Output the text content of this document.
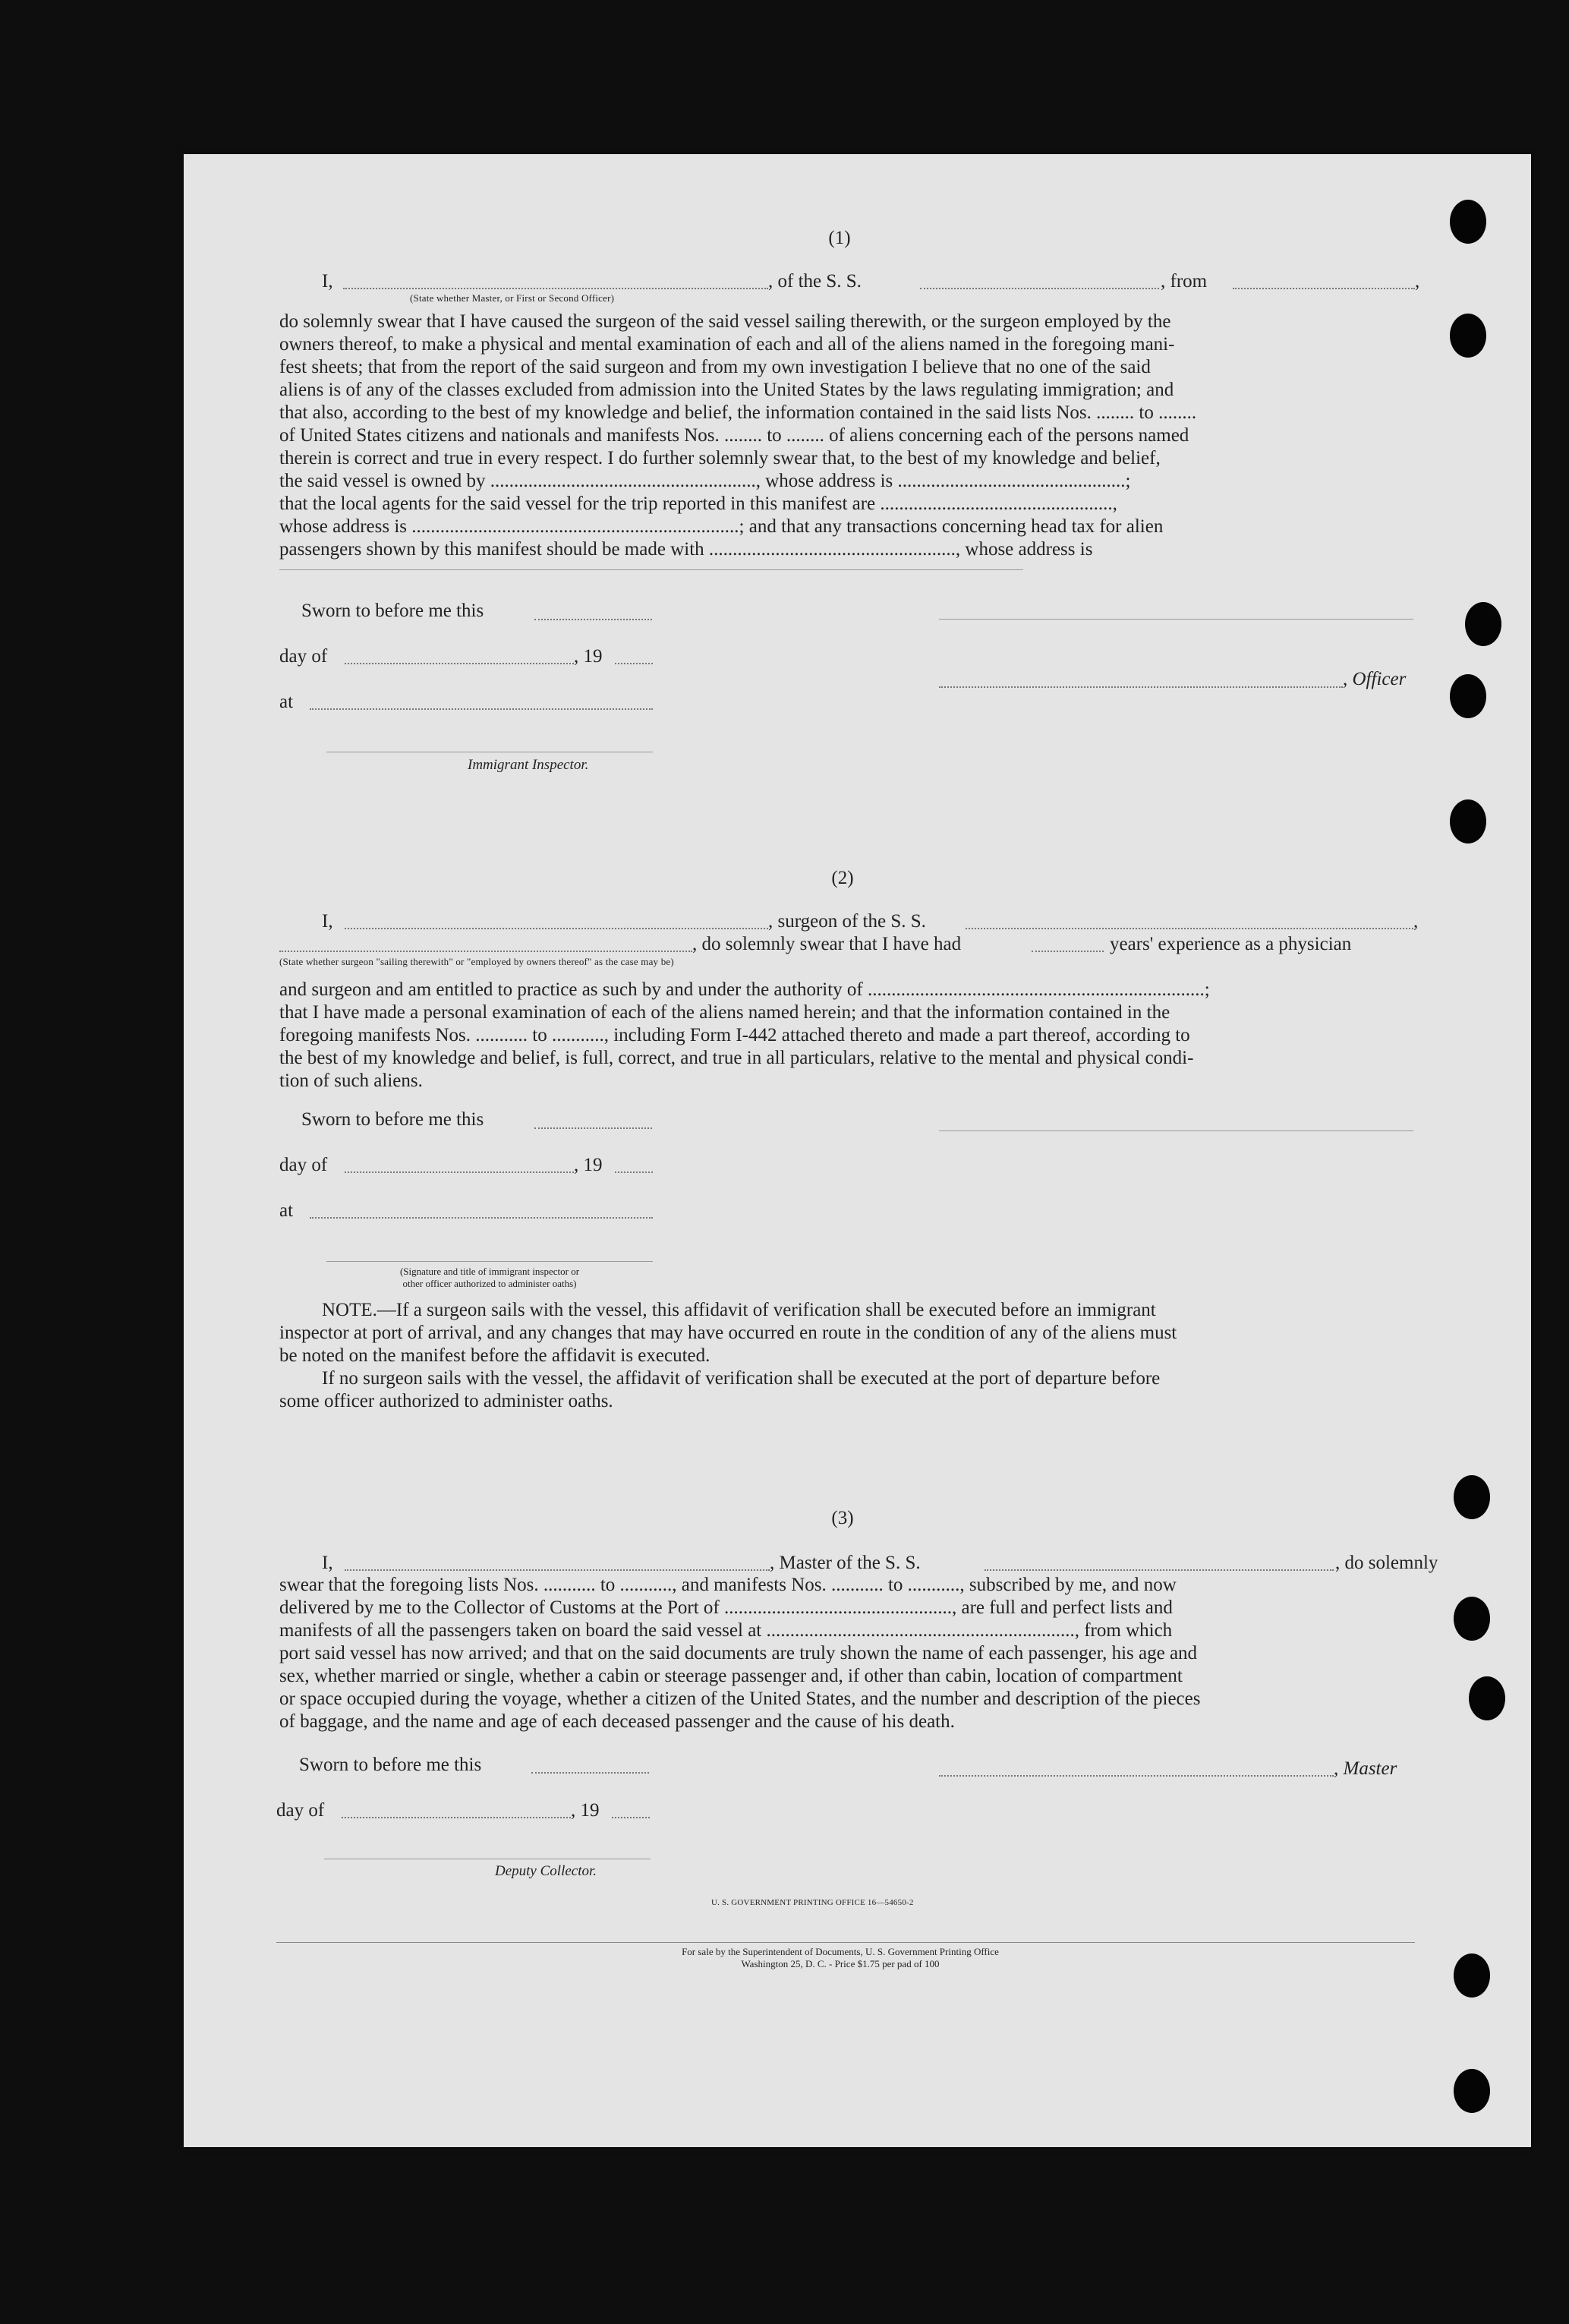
(1)
I,	, of the S. S.	, from	,
(State whether Master, or First or Second Officer)
do solemnly swear that I have caused the surgeon of the said vessel sailing therewith, or the surgeon employed by the
owners thereof, to make a physical and mental examination of each and all of the aliens named in the foregoing mani-
fest sheets; that from the report of the said surgeon and from my own investigation I believe that no one of the said
aliens is of any of the classes excluded from admission into the United States by the laws regulating immigration; and
that also, according to the best of my knowledge and belief, the information contained in the said lists Nos. ........ to ........
of United States citizens and nationals and manifests Nos. ........ to ........ of aliens concerning each of the persons named
therein is correct and true in every respect. I do further solemnly swear that, to the best of my knowledge and belief,
the said vessel is owned by ........................................................, whose address is ................................................;
that the local agents for the said vessel for the trip reported in this manifest are .................................................,
whose address is .....................................................................; and that any transactions concerning head tax for alien
passengers shown by this manifest should be made with ...................................................., whose address is
Sworn to before me this
day of	, 19
, Officer
at
Immigrant Inspector.
(2)
I,	, surgeon of the S. S.	,
, do solemnly swear that I have had	years' experience as a physician
(State whether surgeon "sailing therewith" or "employed by owners thereof" as the case may be)
and surgeon and am entitled to practice as such by and under the authority of .......................................................................;
that I have made a personal examination of each of the aliens named herein; and that the information contained in the
foregoing manifests Nos. ........... to ..........., including Form I-442 attached thereto and made a part thereof, according to
the best of my knowledge and belief, is full, correct, and true in all particulars, relative to the mental and physical condi-
tion of such aliens.
Sworn to before me this
day of	, 19
at
(Signature and title of immigrant inspector or
other officer authorized to administer oaths)
NOTE.—If a surgeon sails with the vessel, this affidavit of verification shall be executed before an immigrant
inspector at port of arrival, and any changes that may have occurred en route in the condition of any of the aliens must
be noted on the manifest before the affidavit is executed.
If no surgeon sails with the vessel, the affidavit of verification shall be executed at the port of departure before
some officer authorized to administer oaths.
(3)
I,	, Master of the S. S.	, do solemnly
swear that the foregoing lists Nos. ........... to ..........., and manifests Nos. ........... to ..........., subscribed by me, and now
delivered by me to the Collector of Customs at the Port of ................................................, are full and perfect lists and
manifests of all the passengers taken on board the said vessel at ................................................................., from which
port said vessel has now arrived; and that on the said documents are truly shown the name of each passenger, his age and
sex, whether married or single, whether a cabin or steerage passenger and, if other than cabin, location of compartment
or space occupied during the voyage, whether a citizen of the United States, and the number and description of the pieces
of baggage, and the name and age of each deceased passenger and the cause of his death.
Sworn to before me this	, Master
day of	, 19
Deputy Collector.
U. S. GOVERNMENT PRINTING OFFICE 16—54650-2
For sale by the Superintendent of Documents, U. S. Government Printing Office
Washington 25, D. C. - Price $1.75 per pad of 100
